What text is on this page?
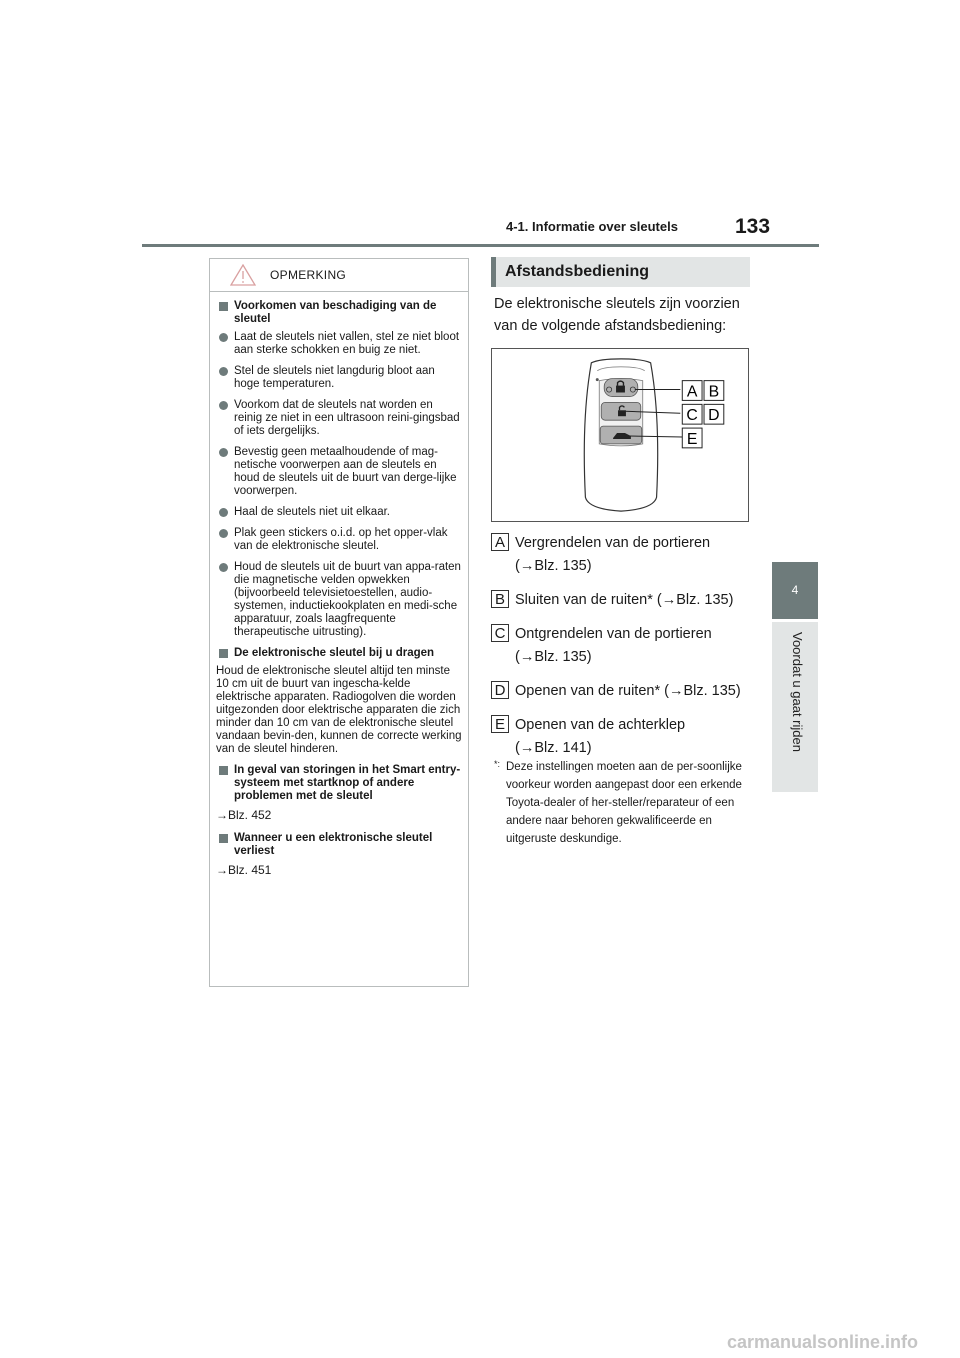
4-1. Informatie over sleutels	133
4
Voordat u gaat rijden
OPMERKING
Voorkomen van beschadiging van de sleutel
Laat de sleutels niet vallen, stel ze niet bloot aan sterke schokken en buig ze niet.
Stel de sleutels niet langdurig bloot aan hoge temperaturen.
Voorkom dat de sleutels nat worden en reinig ze niet in een ultrasoon reini-gingsbad of iets dergelijks.
Bevestig geen metaalhoudende of mag-netische voorwerpen aan de sleutels en houd de sleutels uit de buurt van derge-lijke voorwerpen.
Haal de sleutels niet uit elkaar.
Plak geen stickers o.i.d. op het opper-vlak van de elektronische sleutel.
Houd de sleutels uit de buurt van appa-raten die magnetische velden opwekken (bijvoorbeeld televisietoestellen, audio-systemen, inductiekookplaten en medi-sche apparatuur, zoals laagfrequente therapeutische uitrusting).
De elektronische sleutel bij u dragen
Houd de elektronische sleutel altijd ten minste 10 cm uit de buurt van ingescha-kelde elektrische apparaten. Radiogolven die worden uitgezonden door elektrische apparaten die zich minder dan 10 cm van de elektronische sleutel vandaan bevin-den, kunnen de correcte werking van de sleutel hinderen.
In geval van storingen in het Smart entry-systeem met startknop of andere problemen met de sleutel
→Blz. 452
Wanneer u een elektronische sleutel verliest
→Blz. 451
Afstandsbediening
De elektronische sleutels zijn voorzien van de volgende afstandsbediening:
A B
C D
E
A Vergrendelen van de portieren
(→Blz. 135)
B Sluiten van de ruiten* (→Blz. 135)
C Ontgrendelen van de portieren
(→Blz. 135)
D Openen van de ruiten* (→Blz. 135)
E Openen van de achterklep
(→Blz. 141)
*: Deze instellingen moeten aan de per-soonlijke voorkeur worden aangepast door een erkende Toyota-dealer of her-steller/reparateur of een andere naar behoren gekwalificeerde en uitgeruste deskundige.
carmanualsonline.info
